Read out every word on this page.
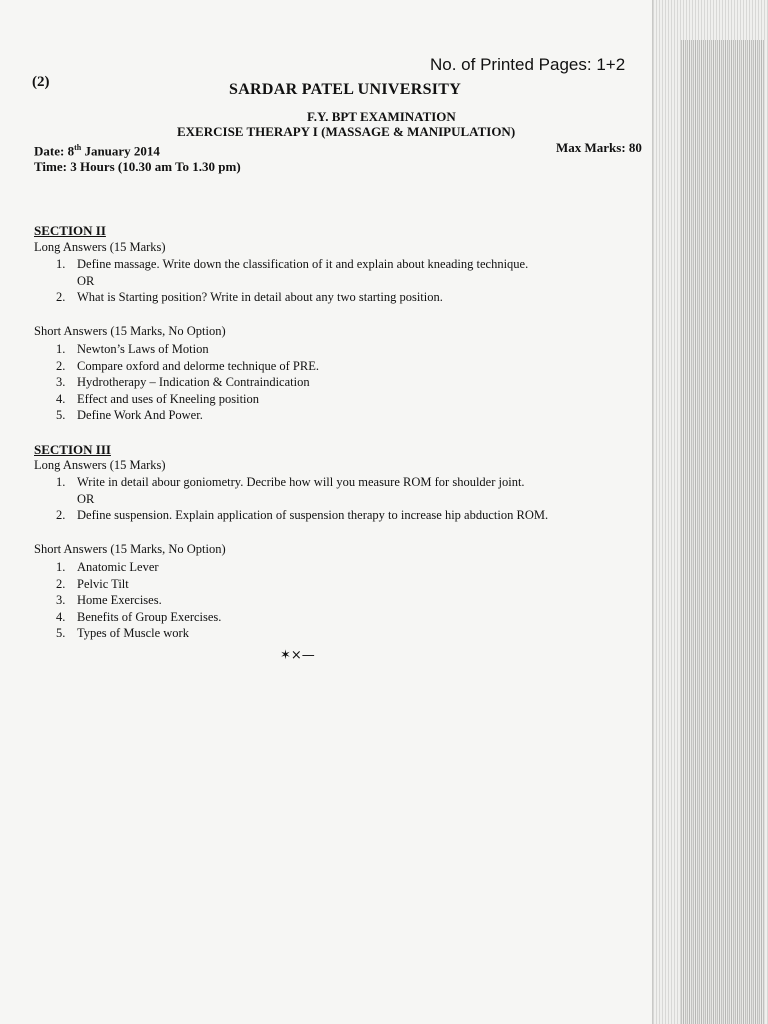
No. of Printed Pages: 1+2
(2)	SARDAR PATEL UNIVERSITY
F.Y. BPT EXAMINATION
EXERCISE THERAPY I (MASSAGE & MANIPULATION)
Date: 8th January 2014
Time: 3 Hours (10.30 am To 1.30 pm)
Max Marks: 80
SECTION II
Long Answers (15 Marks)
1. Define massage. Write down the classification of it and explain about kneading technique.
OR
2. What is Starting position? Write in detail about any two starting position.
Short Answers (15 Marks, No Option)
1. Newton’s Laws of Motion
2. Compare oxford and delorme technique of PRE.
3. Hydrotherapy – Indication & Contraindication
4. Effect and uses of Kneeling position
5. Define Work And Power.
SECTION III
Long Answers (15 Marks)
1. Write in detail abour goniometry. Decribe how will you measure ROM for shoulder joint.
OR
2. Define suspension. Explain application of suspension therapy to increase hip abduction ROM.
Short Answers (15 Marks, No Option)
1. Anatomic Lever
2. Pelvic Tilt
3. Home Exercises.
4. Benefits of Group Exercises.
5. Types of Muscle work
✶×—
